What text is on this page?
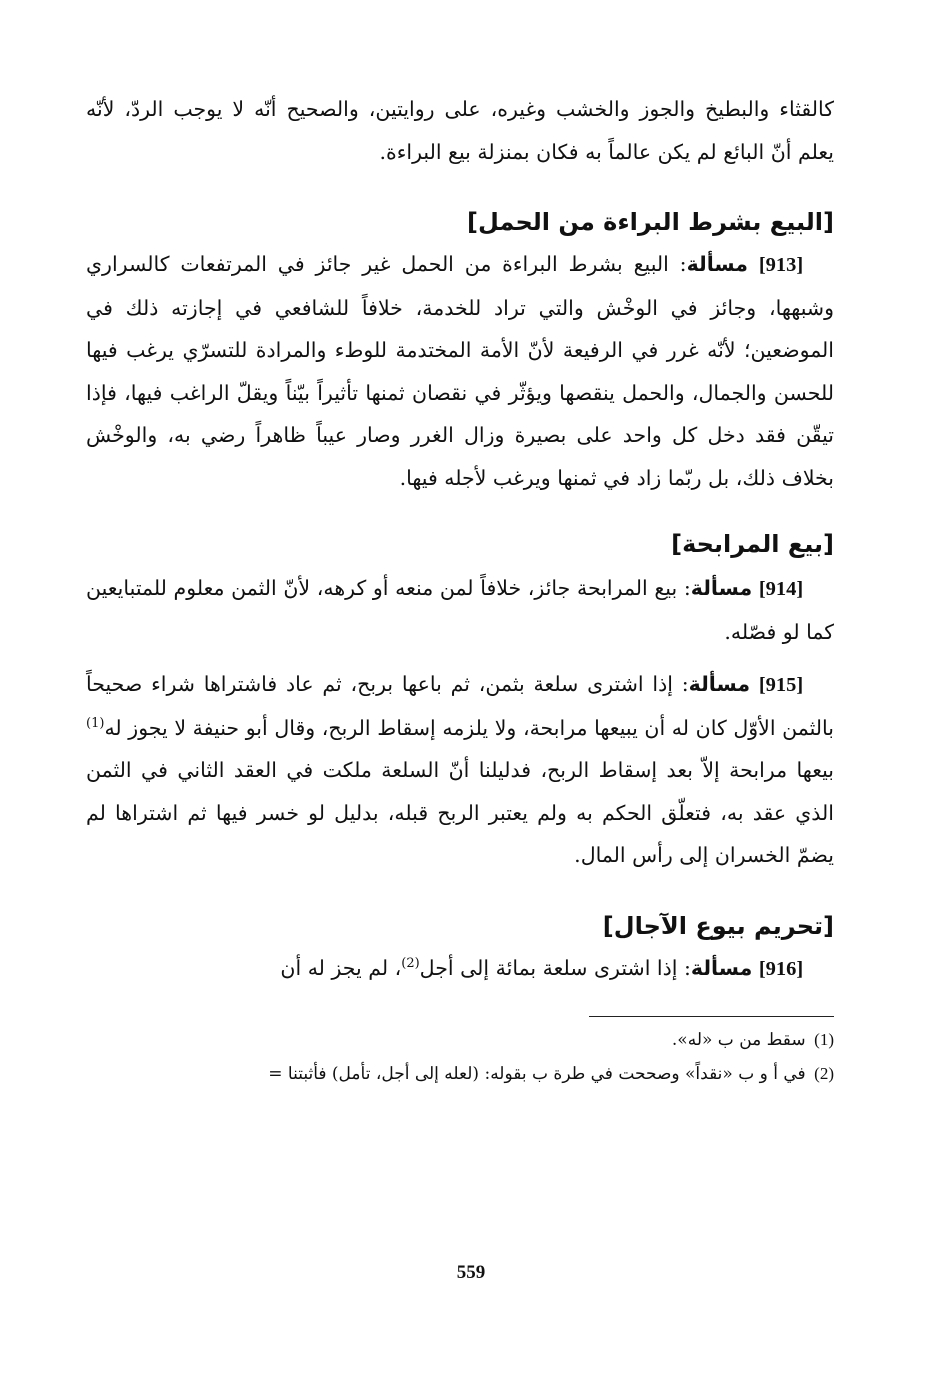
كالقثاء والبطيخ والجوز والخشب وغيره، على روايتين، والصحيح أنّه لا يوجب الردّ، لأنّه يعلم أنّ البائع لم يكن عالماً به فكان بمنزلة بيع البراءة.

[البيع بشرط البراءة من الحمل]

  [913] مسألة: البيع بشرط البراءة من الحمل غير جائز في المرتفعات كالسراري وشبهها، وجائز في الوخْش والتي تراد للخدمة، خلافاً للشافعي في إجازته ذلك في الموضعين؛ لأنّه غرر في الرفيعة لأنّ الأمة المختدمة للوطء والمرادة للتسرّي يرغب فيها للحسن والجمال، والحمل ينقصها ويؤثّر في نقصان ثمنها تأثيراً بيّناً ويقلّ الراغب فيها، فإذا تيقّن فقد دخل كل واحد على بصيرة وزال الغرر وصار عيباً ظاهراً رضي به، والوخْش بخلاف ذلك، بل ربّما زاد في ثمنها ويرغب لأجله فيها.

[بيع المرابحة]

  [914] مسألة: بيع المرابحة جائز، خلافاً لمن منعه أو كرهه، لأنّ الثمن معلوم للمتبايعين كما لو فصّله.

  [915] مسألة: إذا اشترى سلعة بثمن، ثم باعها بربح، ثم عاد فاشتراها شراء صحيحاً بالثمن الأوّل كان له أن يبيعها مرابحة، ولا يلزمه إسقاط الربح، وقال أبو حنيفة لا يجوز له$^{(1)}$ بيعها مرابحة إلاّ بعد إسقاط الربح، فدليلنا أنّ السلعة ملكت في العقد الثاني في الثمن الذي عقد به، فتعلّق الحكم به ولم يعتبر الربح قبله، بدليل لو خسر فيها ثم اشتراها لم يضمّ الخسران إلى رأس المال.

[تحريم بيوع الآجال]

  [916] مسألة: إذا اشترى سلعة بمائة إلى أجل$^{(2)}$، لم يجز له أن

(1) سقط من ب «له».

(2) في أ و ب «نقداً» وصححت في طرة ب بقوله: (لعله إلى أجل، تأمل) فأثبتنا =

559
